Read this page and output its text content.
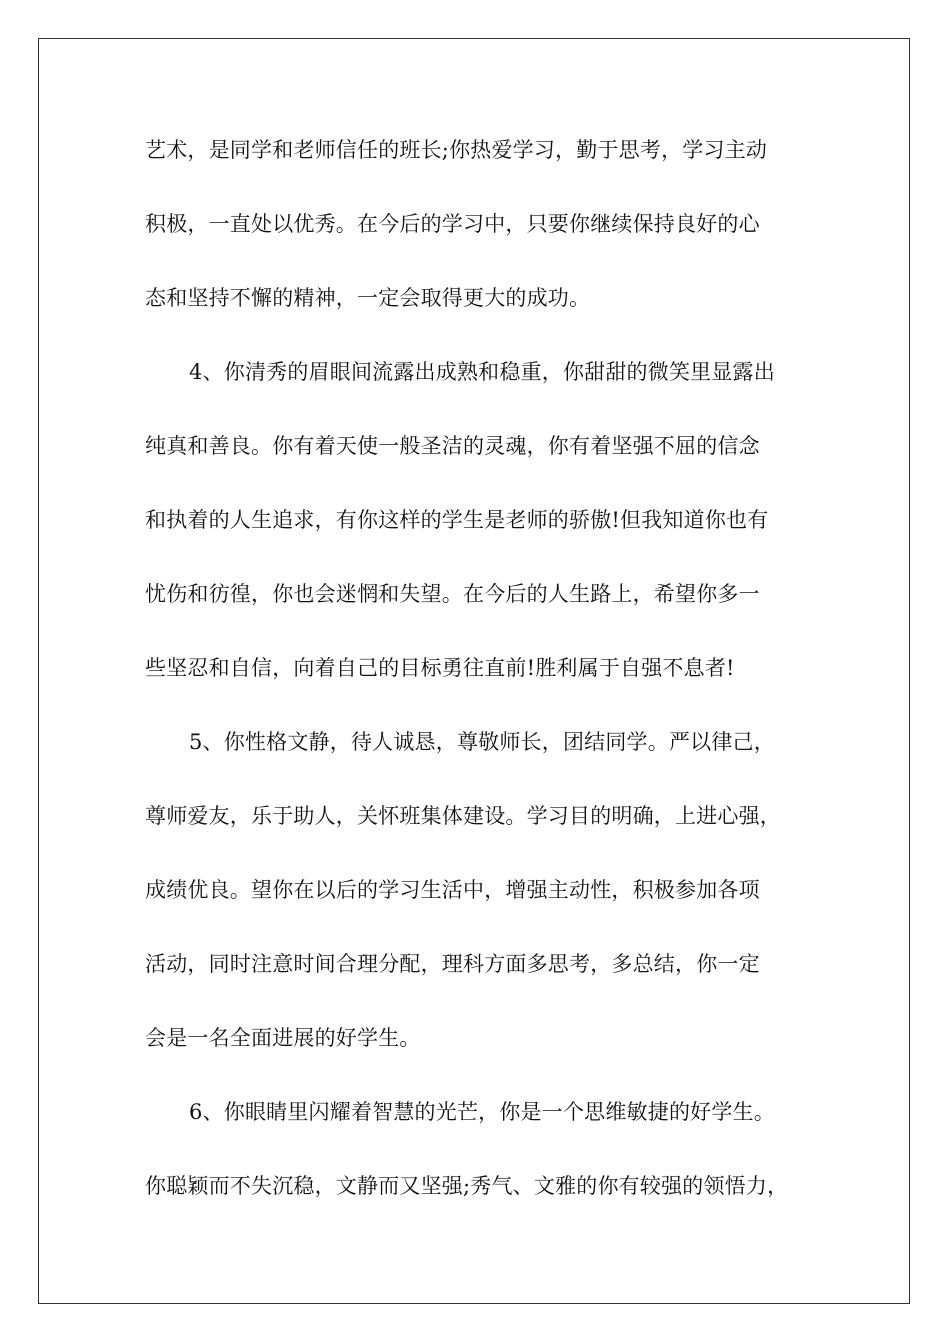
艺术，是同学和老师信任的班长;你热爱学习，勤于思考，学习主动
积极，一直处以优秀。在今后的学习中，只要你继续保持良好的心
态和坚持不懈的精神，一定会取得更大的成功。
4、你清秀的眉眼间流露出成熟和稳重，你甜甜的微笑里显露出
纯真和善良。你有着天使一般圣洁的灵魂，你有着坚强不屈的信念
和执着的人生追求，有你这样的学生是老师的骄傲!但我知道你也有
忧伤和彷徨，你也会迷惘和失望。在今后的人生路上，希望你多一
些坚忍和自信，向着自己的目标勇往直前!胜利属于自强不息者!
5、你性格文静，待人诚恳，尊敬师长，团结同学。严以律己，
尊师爱友，乐于助人，关怀班集体建设。学习目的明确，上进心强，
成绩优良。望你在以后的学习生活中，增强主动性，积极参加各项
活动，同时注意时间合理分配，理科方面多思考，多总结，你一定
会是一名全面进展的好学生。
6、你眼睛里闪耀着智慧的光芒，你是一个思维敏捷的好学生。
你聪颖而不失沉稳，文静而又坚强;秀气、文雅的你有较强的领悟力，
